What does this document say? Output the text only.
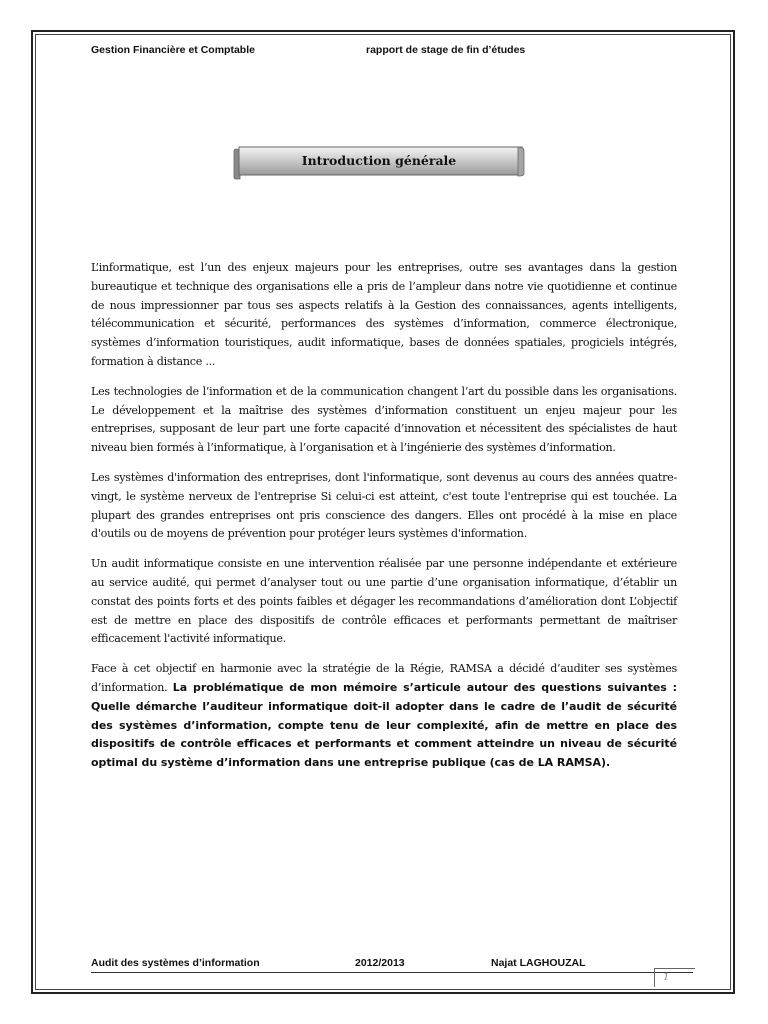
Gestion Financière et Comptable	rapport de stage de fin d’études
Introduction générale

L’informatique, est l’un des enjeux majeurs pour les entreprises, outre ses avantages dans la gestion bureautique et technique des organisations elle a pris de l’ampleur dans notre vie quotidienne et continue de nous impressionner par tous ses aspects relatifs à la Gestion des connaissances, agents intelligents, télécommunication et sécurité, performances des systèmes d’information, commerce électronique, systèmes d’information touristiques, audit informatique, bases de données spatiales, progiciels intégrés, formation à distance ...

Les technologies de l’information et de la communication changent l’art du possible dans les organisations. Le développement et la maîtrise des systèmes d’information constituent un enjeu majeur pour les entreprises, supposant de leur part une forte capacité d’innovation et nécessitent des spécialistes de haut niveau bien formés à l’informatique, à l’organisation et à l’ingénierie des systèmes d’information.

Les systèmes d'information des entreprises, dont l'informatique, sont devenus au cours des années quatre-vingt, le système nerveux de l'entreprise Si celui-ci est atteint, c'est toute l'entreprise qui est touchée. La plupart des grandes entreprises ont pris conscience des dangers. Elles ont procédé à la mise en place d'outils ou de moyens de prévention pour protéger leurs systèmes d'information.

Un audit informatique consiste en une intervention réalisée par une personne indépendante et extérieure au service audité, qui permet d’analyser tout ou une partie d’une organisation informatique, d’établir un constat des points forts et des points faibles et dégager les recommandations d’amélioration dont L’objectif est de mettre en place des dispositifs de contrôle efficaces et performants permettant de maîtriser efficacement l'activité informatique.

Face à cet objectif en harmonie avec la stratégie de la Régie, RAMSA a décidé d’auditer ses systèmes d’information. La problématique de mon mémoire s’articule autour des questions suivantes : Quelle démarche l’auditeur informatique doit-il adopter dans le cadre de l’audit de sécurité des systèmes d’information, compte tenu de leur complexité, afin de mettre en place des dispositifs de contrôle efficaces et performants et comment atteindre un niveau de sécurité optimal du système d’information dans une entreprise publique (cas de LA RAMSA).

Audit des systèmes d’information	2012/2013	Najat LAGHOUZAL
1
